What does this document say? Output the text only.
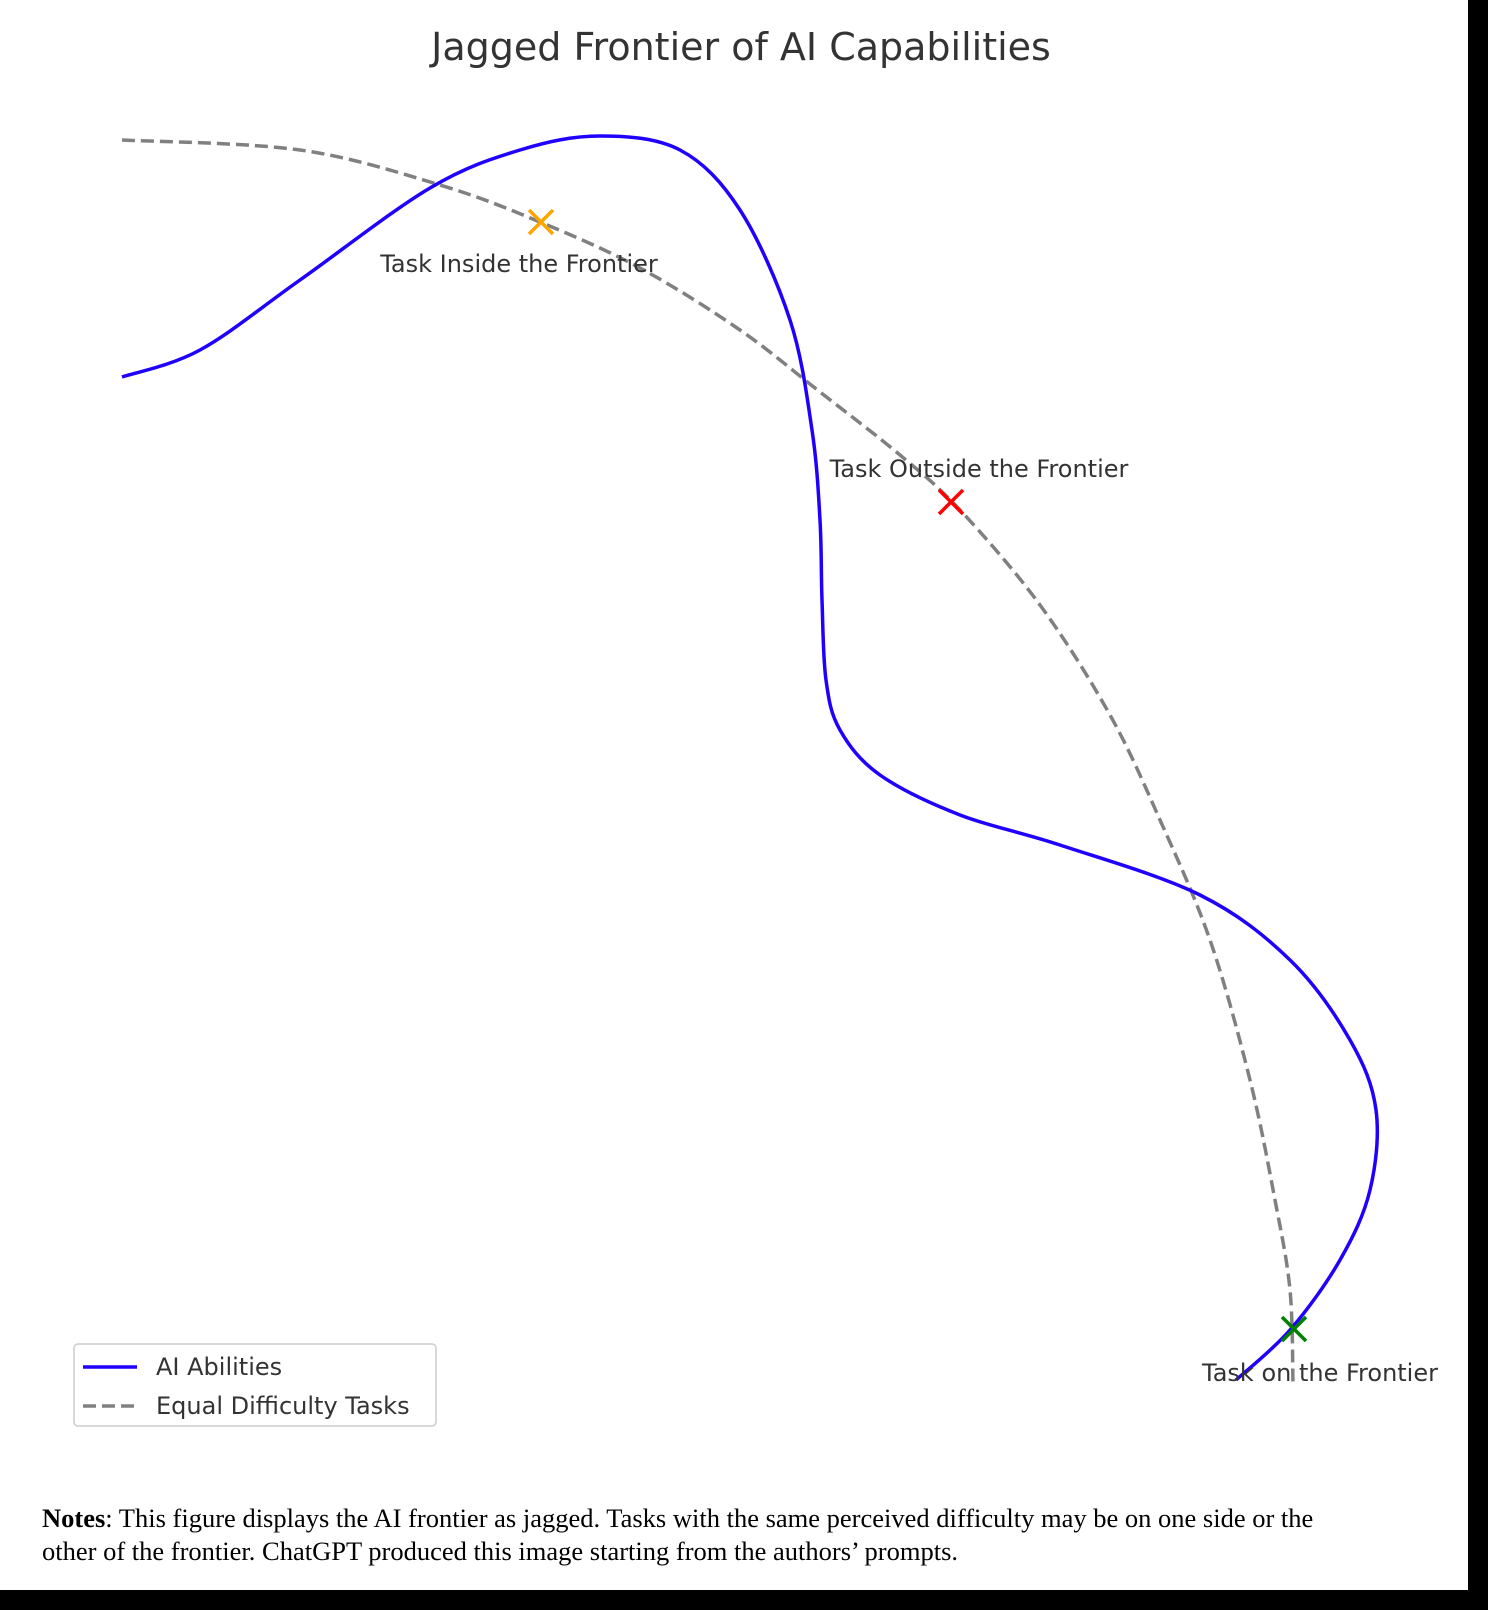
Jagged Frontier of AI Capabilities
Task Inside the Frontier
Task Outside the Frontier
Task on the Frontier
AI Abilities
Equal Difficulty Tasks
Notes: This figure displays the AI frontier as jagged. Tasks with the same perceived difficulty may be on one side or the other of the frontier. ChatGPT produced this image starting from the authors’ prompts.
